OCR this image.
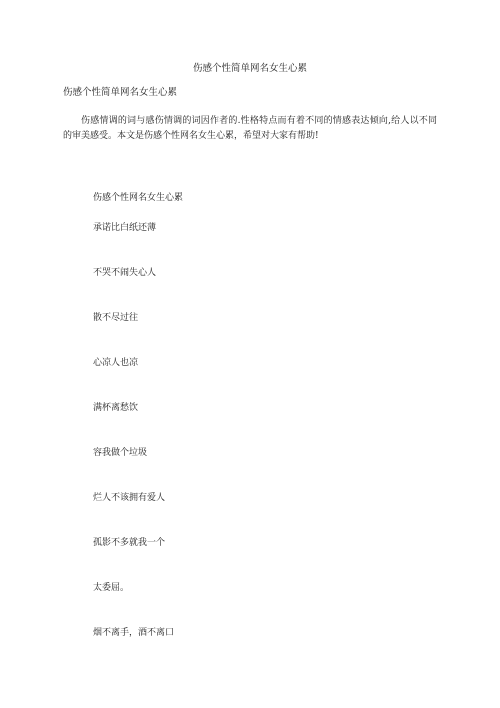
伤感个性简单网名女生心累
伤感个性简单网名女生心累

伤感情调的词与感伤情调的词因作者的.性格特点而有着不同的情感表达倾向,给人以不同的审美感受。本文是伤感个性网名女生心累，希望对大家有帮助!

伤感个性网名女生心累
承诺比白纸还薄
不哭不闹失心人
散不尽过往
心凉人也凉
满杯离愁饮
容我做个垃圾
烂人不该拥有爱人
孤影不多就我一个
太委屈。
烟不离手，酒不离口
